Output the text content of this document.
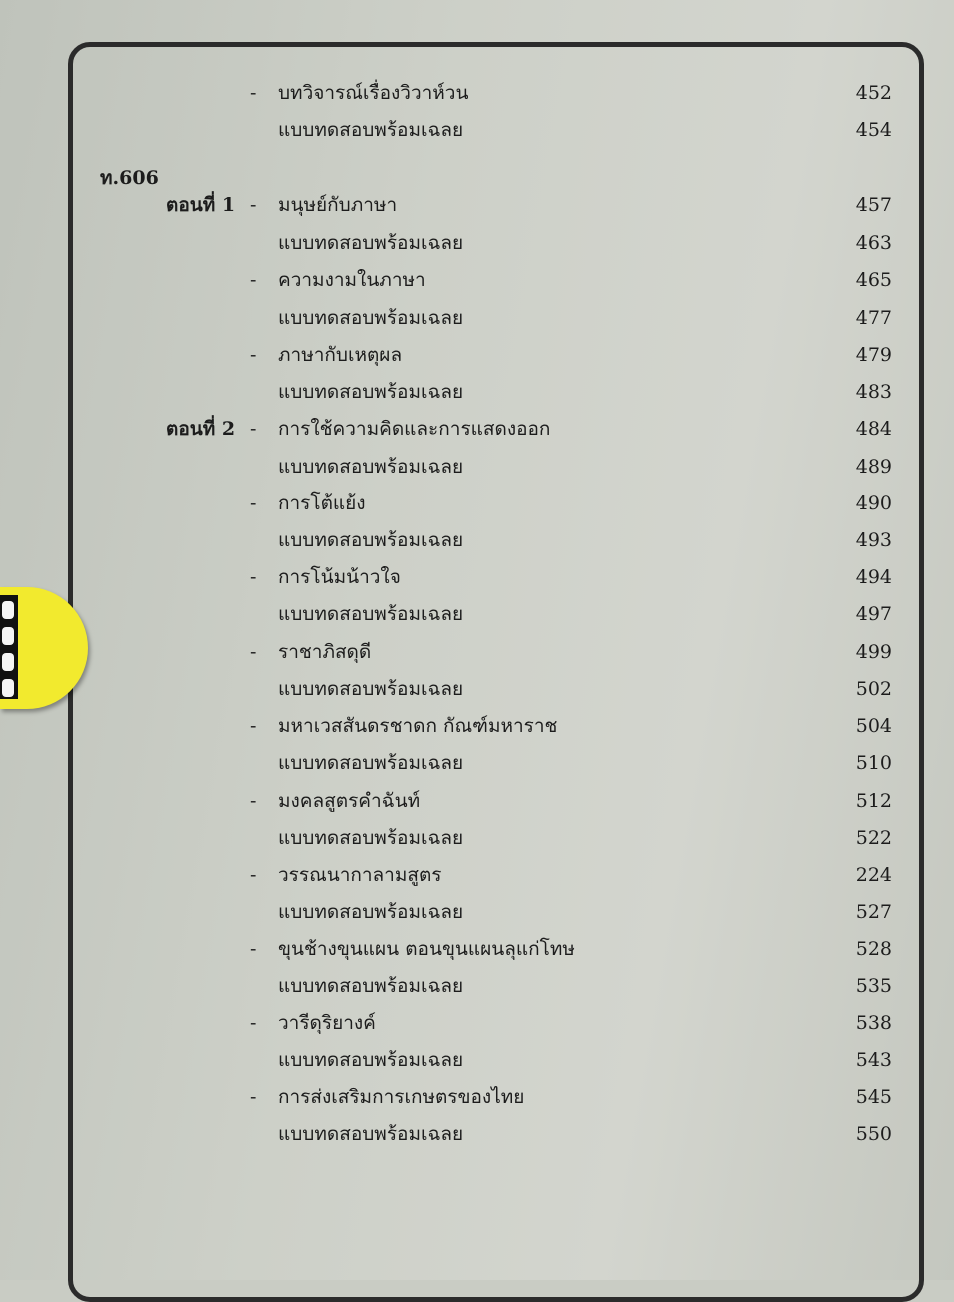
ท.606
- บทวิจารณ์เรื่องวิวาห์วน	452
แบบทดสอบพร้อมเฉลย	454
ตอนที่ 1 - มนุษย์กับภาษา	457
แบบทดสอบพร้อมเฉลย	463
- ความงามในภาษา	465
แบบทดสอบพร้อมเฉลย	477
- ภาษากับเหตุผล	479
แบบทดสอบพร้อมเฉลย	483
ตอนที่ 2 - การใช้ความคิดและการแสดงออก	484
แบบทดสอบพร้อมเฉลย	489
- การโต้แย้ง	490
แบบทดสอบพร้อมเฉลย	493
- การโน้มน้าวใจ	494
แบบทดสอบพร้อมเฉลย	497
- ราชาภิสดุดี	499
แบบทดสอบพร้อมเฉลย	502
- มหาเวสสันดรชาดก กัณฑ์มหาราช	504
แบบทดสอบพร้อมเฉลย	510
- มงคลสูตรคำฉันท์	512
แบบทดสอบพร้อมเฉลย	522
- วรรณนากาลามสูตร	224
แบบทดสอบพร้อมเฉลย	527
- ขุนช้างขุนแผน ตอนขุนแผนลุแก่โทษ	528
แบบทดสอบพร้อมเฉลย	535
- วารีดุริยางค์	538
แบบทดสอบพร้อมเฉลย	543
- การส่งเสริมการเกษตรของไทย	545
แบบทดสอบพร้อมเฉลย	550
